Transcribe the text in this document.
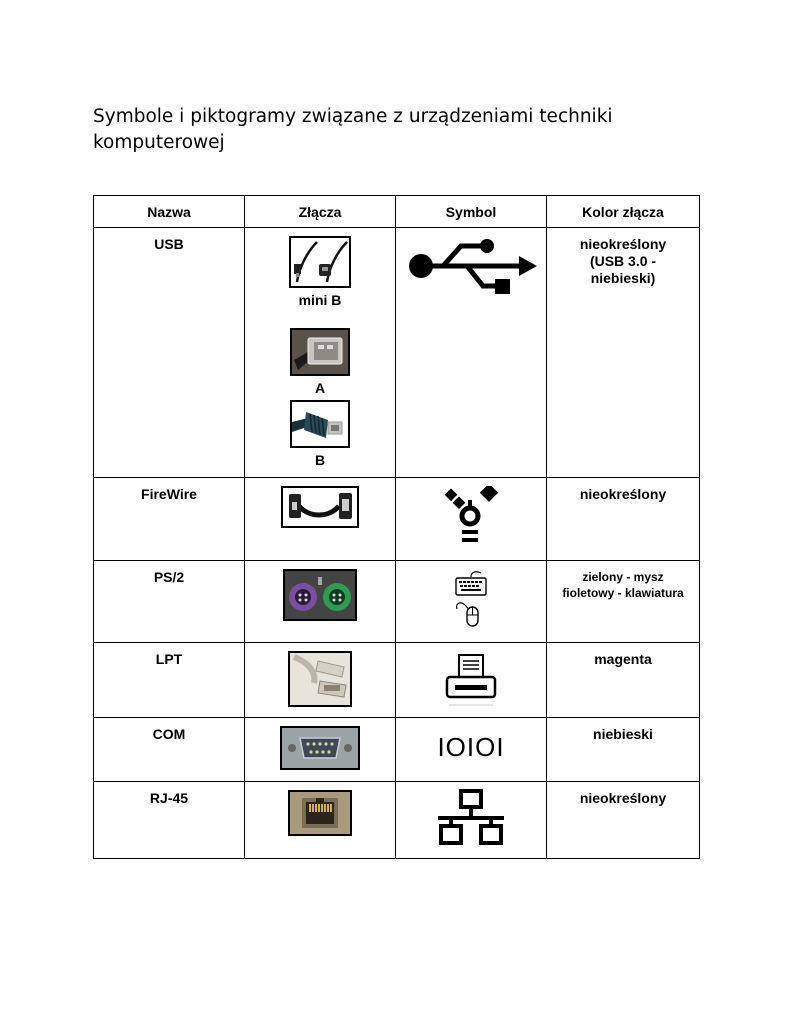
Symbole i piktogramy związane z urządzeniami techniki komputerowej
Nazwa	Złącza	Symbol	Kolor złącza
USB	mini B
A
B		nieokreślony (USB 3.0 - niebieski)
FireWire			nieokreślony
PS/2			zielony - mysz
fioletowy - klawiatura

LPT			magenta
COM		IOIOI	niebieski
RJ-45			nieokreślony
